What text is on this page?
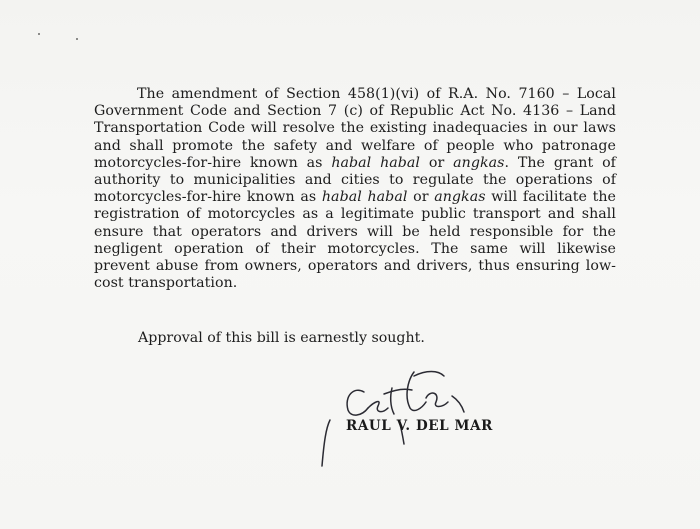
The amendment of Section 458(1)(vi) of R.A. No. 7160 – Local Government Code and Section 7 (c) of Republic Act No. 4136 – Land Transportation Code will resolve the existing inadequacies in our laws and shall promote the safety and welfare of people who patronage motorcycles-for-hire known as habal habal or angkas. The grant of authority to municipalities and cities to regulate the operations of motorcycles-for-hire known as habal habal or angkas will facilitate the registration of motorcycles as a legitimate public transport and shall ensure that operators and drivers will be held responsible for the negligent operation of their motorcycles. The same will likewise prevent abuse from owners, operators and drivers, thus ensuring low-cost transportation.

Approval of this bill is earnestly sought.

RAUL V. DEL MAR
